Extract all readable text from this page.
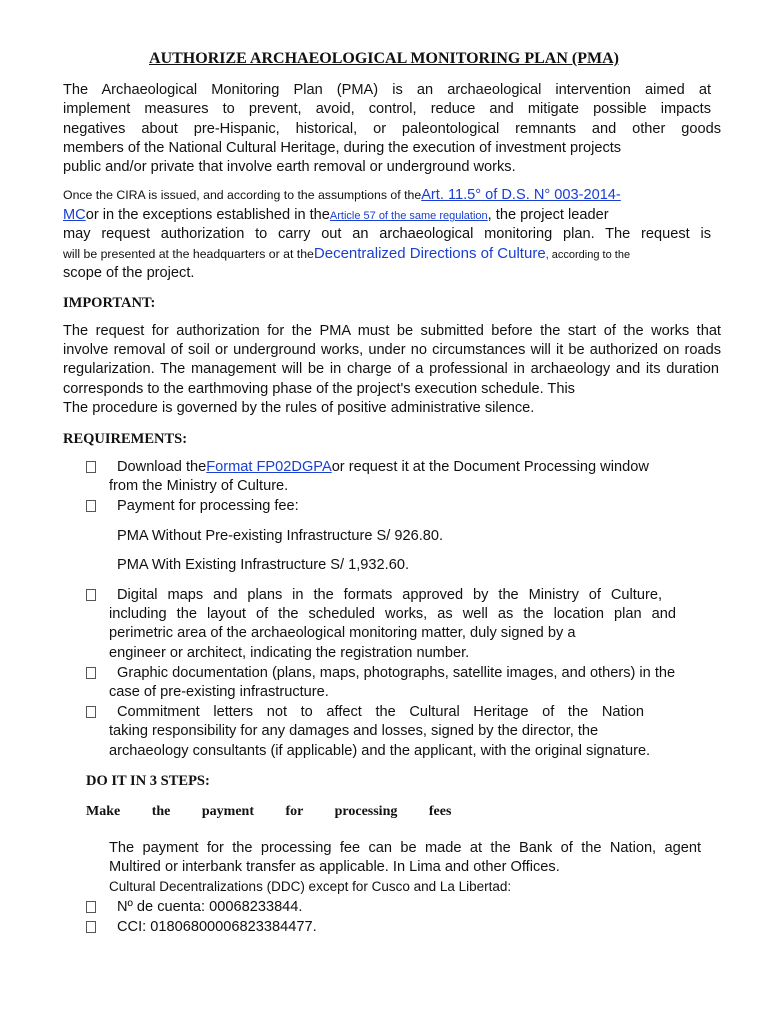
AUTHORIZE ARCHAEOLOGICAL MONITORING PLAN (PMA)
The Archaeological Monitoring Plan (PMA) is an archaeological intervention aimed at
implement measures to prevent, avoid, control, reduce and mitigate possible impacts
negatives about pre-Hispanic, historical, or paleontological remnants and other goods
members of the National Cultural Heritage, during the execution of investment projects
public and/or private that involve earth removal or underground works.
Once the CIRA is issued, and according to the assumptions of theArt. 11.5° of D.S. N° 003-2014-
MCor in the exceptions established in theArticle 57 of the same regulation, the project leader
may request authorization to carry out an archaeological monitoring plan. The request is
will be presented at the headquarters or at theDecentralized Directions of Culture, according to the
scope of the project.
IMPORTANT:
The request for authorization for the PMA must be submitted before the start of the works that
involve removal of soil or underground works, under no circumstances will it be authorized on roads
regularization. The management will be in charge of a professional in archaeology and its duration
corresponds to the earthmoving phase of the project's execution schedule. This
The procedure is governed by the rules of positive administrative silence.
REQUIREMENTS:
Download theFormat FP02DGPAor request it at the Document Processing window
from the Ministry of Culture.
Payment for processing fee:
PMA Without Pre-existing Infrastructure S/ 926.80.
PMA With Existing Infrastructure S/ 1,932.60.
Digital maps and plans in the formats approved by the Ministry of Culture,
including the layout of the scheduled works, as well as the location plan and
perimetric area of the archaeological monitoring matter, duly signed by a
engineer or architect, indicating the registration number.
Graphic documentation (plans, maps, photographs, satellite images, and others) in the
case of pre-existing infrastructure.
Commitment letters not to affect the Cultural Heritage of the Nation
taking responsibility for any damages and losses, signed by the director, the
archaeology consultants (if applicable) and the applicant, with the original signature.
DO IT IN 3 STEPS:
Make the payment for processing fees
The payment for the processing fee can be made at the Bank of the Nation, agent
Multired or interbank transfer as applicable. In Lima and other Offices.
Cultural Decentralizations (DDC) except for Cusco and La Libertad:
Nº de cuenta: 00068233844.
CCI: 01806800006823384477.
